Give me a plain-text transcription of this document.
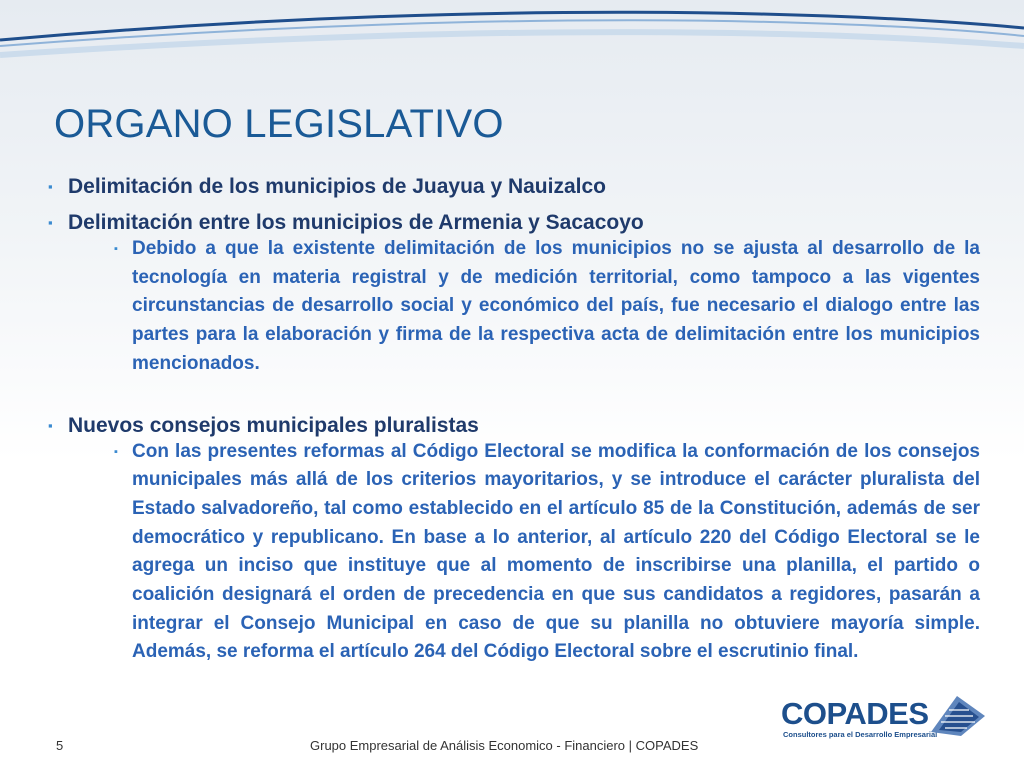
ORGANO LEGISLATIVO
▪ Delimitación de los municipios de Juayua y Nauizalco
▪ Delimitación entre los municipios de Armenia y Sacacoyo
▪ Debido a que la existente delimitación de los municipios no se ajusta al desarrollo de la tecnología en materia registral y de medición territorial, como tampoco a las vigentes circunstancias de desarrollo social y económico del país, fue necesario el dialogo entre las partes para la elaboración y firma de la respectiva acta de delimitación entre los municipios mencionados.
▪ Nuevos consejos municipales pluralistas
▪ Con las presentes reformas al Código Electoral se modifica la conformación de los consejos municipales más allá de los criterios mayoritarios, y se introduce el carácter pluralista del Estado salvadoreño, tal como establecido en el artículo 85 de la Constitución, además de ser democrático y republicano. En base a lo anterior, al artículo 220 del Código Electoral se le agrega un inciso que instituye que al momento de inscribirse una planilla, el partido o coalición designará el orden de precedencia en que sus candidatos a regidores, pasarán a integrar el Consejo Municipal en caso de que su planilla no obtuviere mayoría simple. Además, se reforma el artículo 264 del Código Electoral sobre el escrutinio final.
COPADES
Consultores para el Desarrollo Empresarial
5	Grupo Empresarial de Análisis Economico - Financiero | COPADES
